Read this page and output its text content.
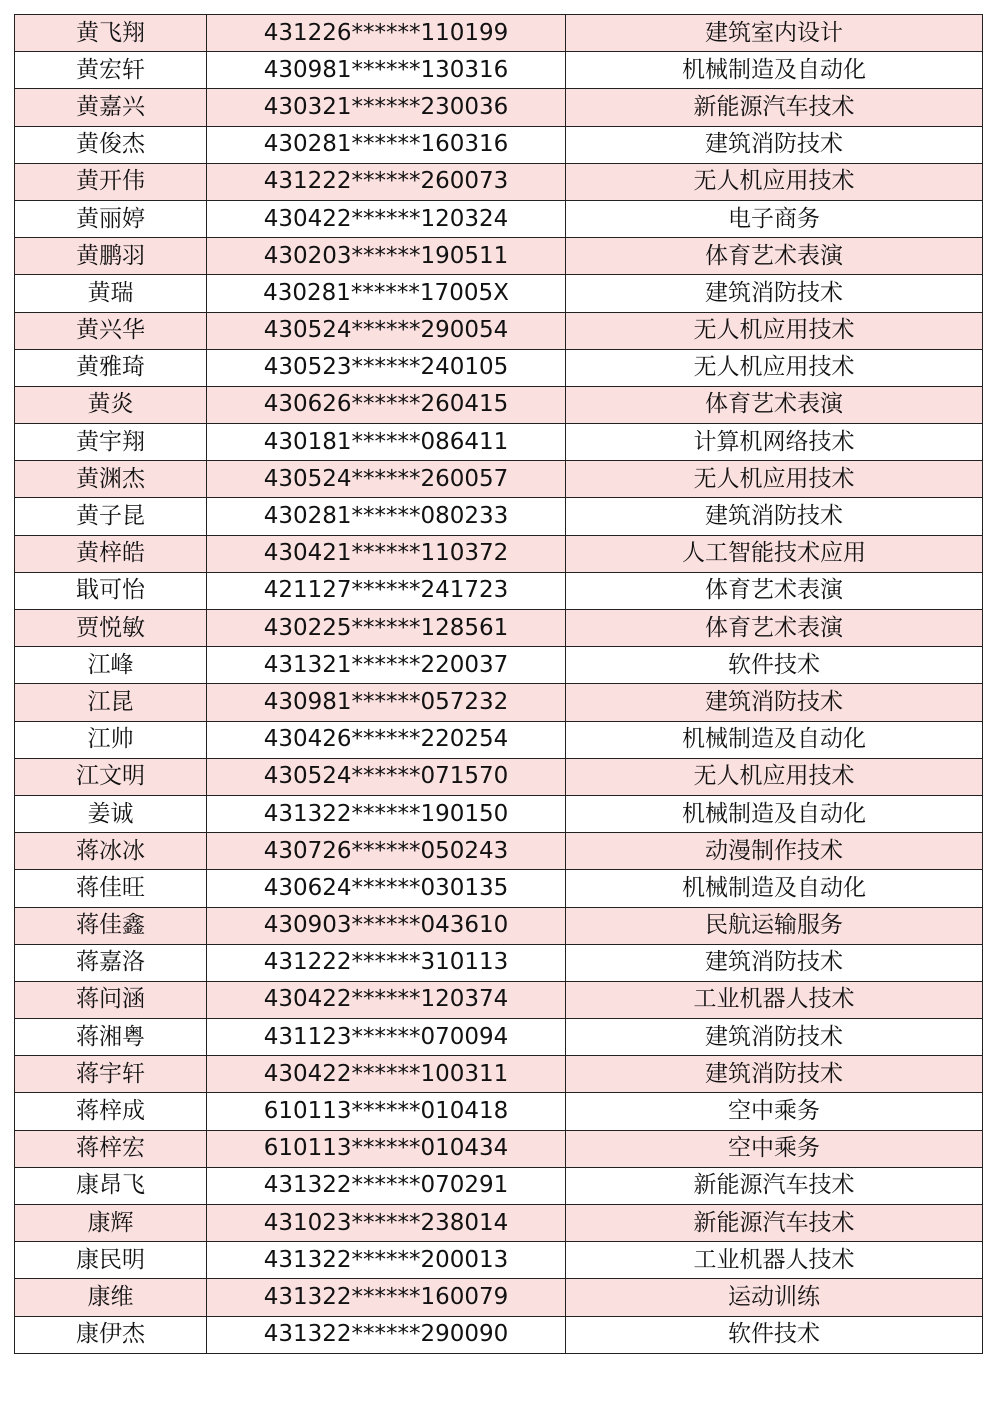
黄飞翔	431226******110199	建筑室内设计
黄宏轩	430981******130316	机械制造及自动化
黄嘉兴	430321******230036	新能源汽车技术
黄俊杰	430281******160316	建筑消防技术
黄开伟	431222******260073	无人机应用技术
黄丽婷	430422******120324	电子商务
黄鹏羽	430203******190511	体育艺术表演
黄瑞	430281******17005X	建筑消防技术
黄兴华	430524******290054	无人机应用技术
黄雅琦	430523******240105	无人机应用技术
黄炎	430626******260415	体育艺术表演
黄宇翔	430181******086411	计算机网络技术
黄渊杰	430524******260057	无人机应用技术
黄子昆	430281******080233	建筑消防技术
黄梓皓	430421******110372	人工智能技术应用
戢可怡	421127******241723	体育艺术表演
贾悦敏	430225******128561	体育艺术表演
江峰	431321******220037	软件技术
江昆	430981******057232	建筑消防技术
江帅	430426******220254	机械制造及自动化
江文明	430524******071570	无人机应用技术
姜诚	431322******190150	机械制造及自动化
蒋冰冰	430726******050243	动漫制作技术
蒋佳旺	430624******030135	机械制造及自动化
蒋佳鑫	430903******043610	民航运输服务
蒋嘉洛	431222******310113	建筑消防技术
蒋问涵	430422******120374	工业机器人技术
蒋湘粤	431123******070094	建筑消防技术
蒋宇轩	430422******100311	建筑消防技术
蒋梓成	610113******010418	空中乘务
蒋梓宏	610113******010434	空中乘务
康昂飞	431322******070291	新能源汽车技术
康辉	431023******238014	新能源汽车技术
康民明	431322******200013	工业机器人技术
康维	431322******160079	运动训练
康伊杰	431322******290090	软件技术
